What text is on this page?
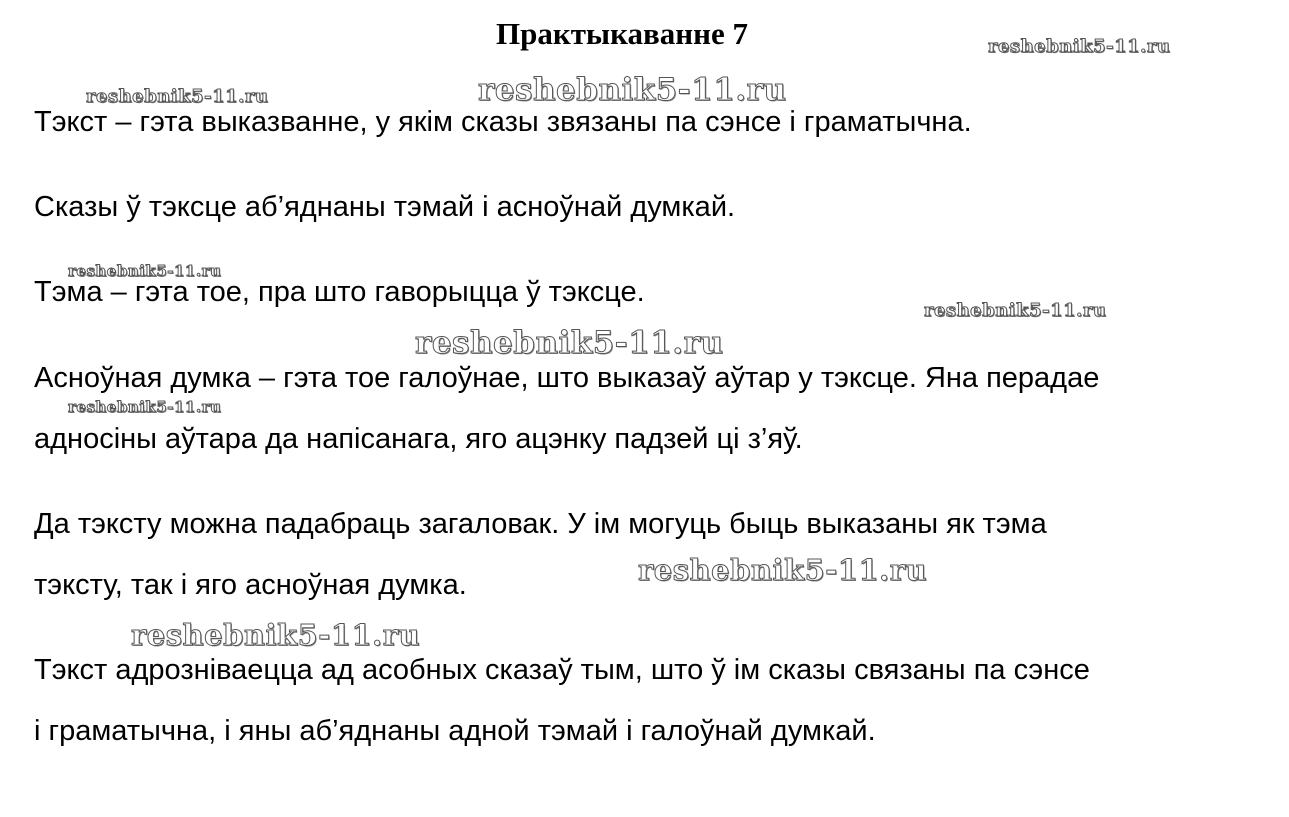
Практыкаванне 7

Тэкст – гэта выказванне, у якім сказы звязаны па сэнсе і граматычна.

Сказы ў тэксце аб’яднаны тэмай і асноўнай думкай.

Тэма – гэта тое, пра што гаворыцца ў тэксце.

Асноўная думка – гэта тое галоўнае, што выказаў аўтар у тэксце. Яна перадае

адносіны аўтара да напісанага, яго ацэнку падзей ці з’яў.

Да тэксту можна падабраць загаловак. У ім могуць быць выказаны як тэма

тэксту, так і яго асноўная думка.

Тэкст адрозніваецца ад асобных сказаў тым, што ў ім сказы связаны па сэнсе

і граматычна, і яны аб’яднаны адной тэмай і галоўнай думкай.

reshebnik5-11.ru
reshebnik5-11.ru	reshebnik5-11.ru
reshebnik5-11.ru
reshebnik5-11.ru
reshebnik5-11.ru
reshebnik5-11.ru
reshebnik5-11.ru
reshebnik5-11.ru
